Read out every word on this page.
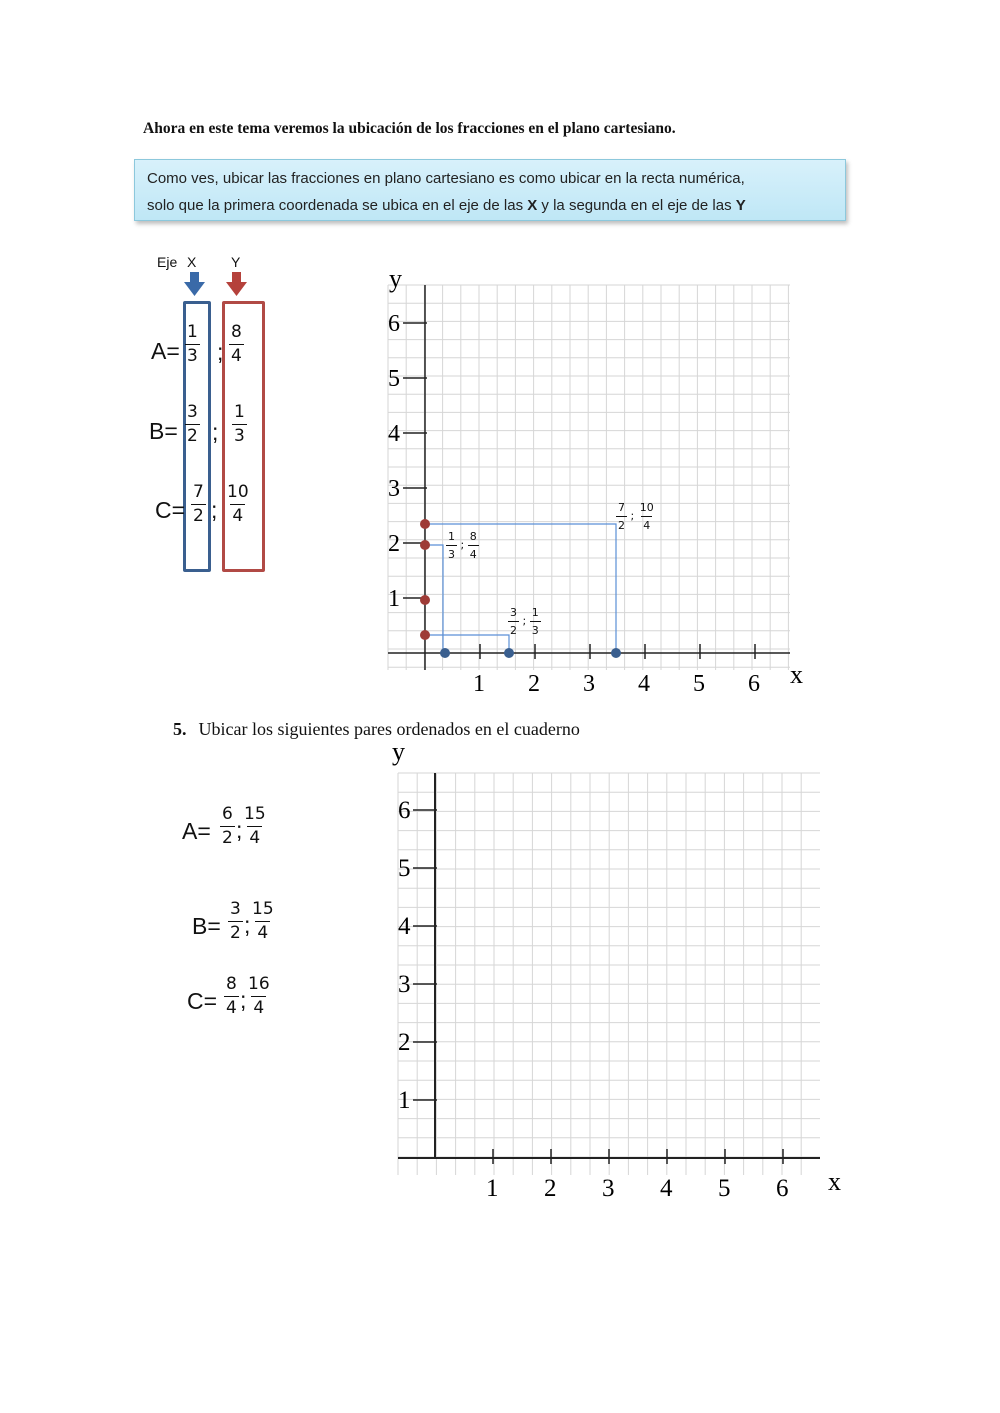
Ahora en este tema veremos la ubicación de los fracciones en el plano cartesiano.
Como ves, ubicar las fracciones en plano cartesiano es como ubicar en la recta numérica,
solo que la primera coordenada se ubica en el eje de las X y la segunda en el eje de las Y
Eje X Y
$A= \frac{1}{3}$ ; $\frac{8}{4}$
$B= \frac{3}{2}$ ; $\frac{1}{3}$
$C= \frac{7}{2}$ ; $\frac{10}{4}$
1
1
2
2
3
3
4
4
5
5
6
6
y
x
$\frac{1}{3}$ ; $\frac{8}{4}$
$\frac{3}{2}$ ; $\frac{1}{3}$
$\frac{7}{2}$ ; $\frac{10}{4}$
5. Ubicar los siguientes pares ordenados en el cuaderno
$A= \frac{6}{2}$ ; $\frac{15}{4}$
$B= \frac{3}{2}$ ; $\frac{15}{4}$
$C= \frac{8}{4}$ ; $\frac{16}{4}$
1
1
2
2
3
3
4
4
5
5
6
6
y
x
